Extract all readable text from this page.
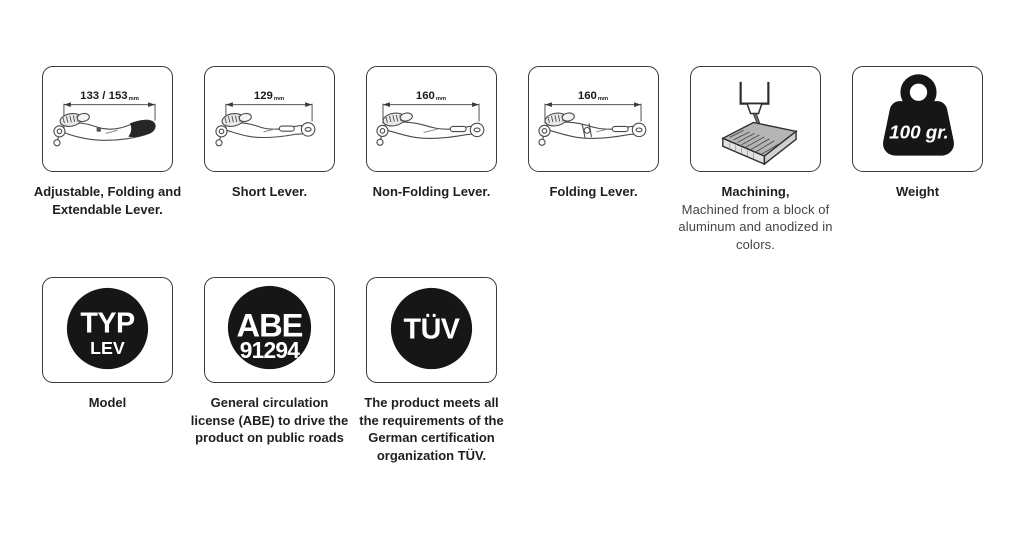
133 / 153mm
Adjustable, Folding and Extendable Lever.
129mm
Short Lever.
160mm
Non-Folding Lever.
160mm
Folding Lever.	Machining,
Machined from a block of aluminum and anodized in colors.
100 gr.
Weight
TYP
LEV
Model
ABE
91294
General circulation license (ABE) to drive the product on public roads
TÜV
The product meets all the requirements of the German certification organization TÜV.
